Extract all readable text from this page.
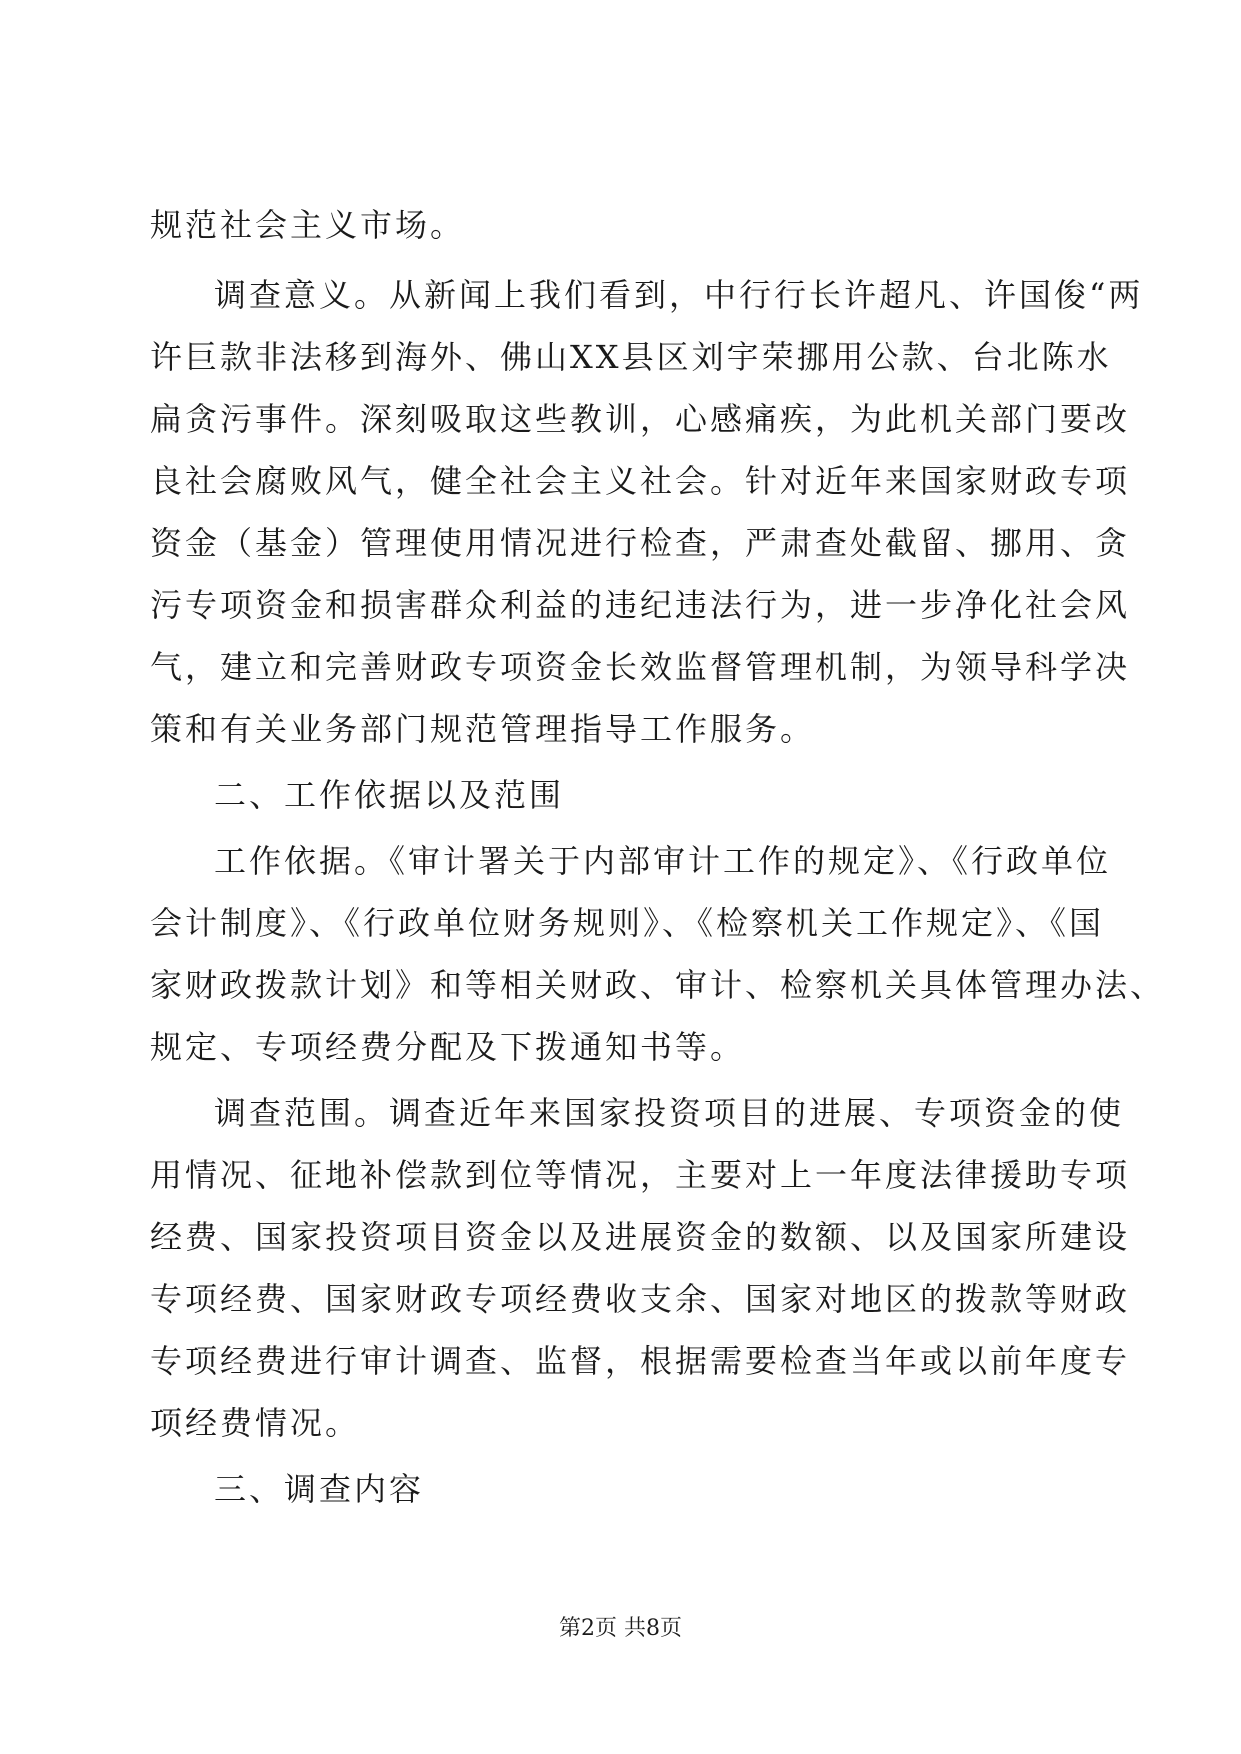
规范社会主义市场。
调查意义。从新闻上我们看到，中行行长许超凡、许国俊“两
许巨款非法移到海外、佛山XX县区刘宇荣挪用公款、台北陈水
扁贪污事件。深刻吸取这些教训，心感痛疾，为此机关部门要改
良社会腐败风气，健全社会主义社会。针对近年来国家财政专项
资金（基金）管理使用情况进行检查，严肃查处截留、挪用、贪
污专项资金和损害群众利益的违纪违法行为，进一步净化社会风
气，建立和完善财政专项资金长效监督管理机制，为领导科学决
策和有关业务部门规范管理指导工作服务。
二、工作依据以及范围
工作依据。《审计署关于内部审计工作的规定》、《行政单位
会计制度》、《行政单位财务规则》、《检察机关工作规定》、《国
家财政拨款计划》和等相关财政、审计、检察机关具体管理办法、
规定、专项经费分配及下拨通知书等。
调查范围。调查近年来国家投资项目的进展、专项资金的使
用情况、征地补偿款到位等情况，主要对上一年度法律援助专项
经费、国家投资项目资金以及进展资金的数额、以及国家所建设
专项经费、国家财政专项经费收支余、国家对地区的拨款等财政
专项经费进行审计调查、监督，根据需要检查当年或以前年度专
项经费情况。
三、调查内容
第2页 共8页
